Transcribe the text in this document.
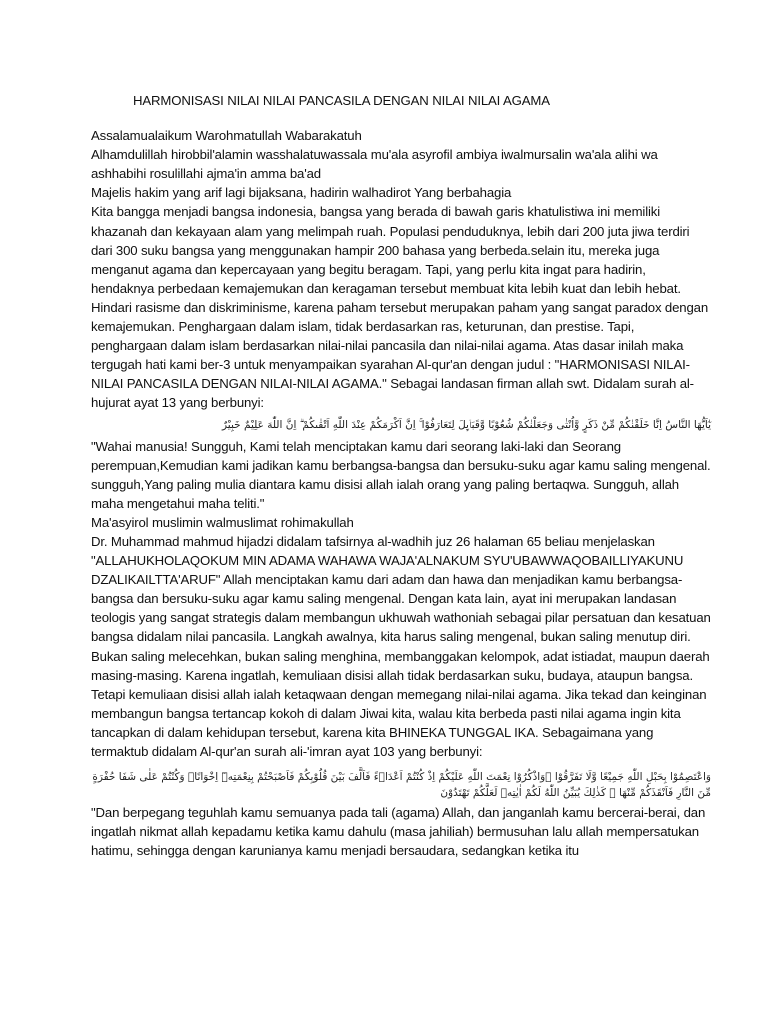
HARMONISASI NILAI NILAI PANCASILA DENGAN NILAI NILAI AGAMA

Assalamualaikum Warohmatullah Wabarakatuh

Alhamdulillah hirobbil'alamin wasshalatuwassala mu'ala asyrofil ambiya iwalmursalin wa'ala alihi wa ashhabihi rosulillahi ajma'in amma ba'ad

Majelis hakim yang arif lagi bijaksana, hadirin walhadirot Yang berbahagia

Kita bangga menjadi bangsa indonesia, bangsa yang berada di bawah garis khatulistiwa ini memiliki khazanah dan kekayaan alam yang melimpah ruah. Populasi penduduknya, lebih dari 200 juta jiwa terdiri dari 300 suku bangsa yang menggunakan hampir 200 bahasa yang berbeda.selain itu, mereka juga menganut agama dan kepercayaan yang begitu beragam. Tapi, yang perlu kita ingat para hadirin, hendaknya perbedaan kemajemukan dan keragaman tersebut membuat kita lebih kuat dan lebih hebat. Hindari rasisme dan diskriminisme, karena paham tersebut merupakan paham yang sangat paradox dengan kemajemukan. Penghargaan dalam islam, tidak berdasarkan ras, keturunan, dan prestise. Tapi, penghargaan dalam islam berdasarkan nilai-nilai pancasila dan nilai-nilai agama. Atas dasar inilah maka tergugah hati kami ber-3 untuk menyampaikan syarahan Al-qur'an dengan judul : "HARMONISASI NILAI-NILAI PANCASILA DENGAN NILAI-NILAI AGAMA." Sebagai landasan firman allah swt. Didalam surah al-hujurat ayat 13 yang berbunyi:

يٰٓاَيُّهَا النَّاسُ اِنَّا خَلَقْنٰكُمْ مِّنْ ذَكَرٍ وَّاُنْثٰى وَجَعَلْنٰكُمْ شُعُوْبًا وَّقَبَاۤىِٕلَ لِتَعَارَفُوْا ۚ اِنَّ اَكْرَمَكُمْ عِنْدَ اللّٰهِ اَتْقٰىكُمْ ۗ اِنَّ اللّٰهَ عَلِيْمٌ خَبِيْرٌ

"Wahai manusia! Sungguh, Kami telah menciptakan kamu dari seorang laki-laki dan Seorang perempuan,Kemudian kami jadikan kamu berbangsa-bangsa dan bersuku-suku agar kamu saling mengenal. sungguh,Yang paling mulia diantara kamu disisi allah ialah orang yang paling bertaqwa. Sungguh, allah maha mengetahui maha teliti."

Ma'asyirol muslimin walmuslimat rohimakullah

Dr. Muhammad mahmud hijadzi didalam tafsirnya al-wadhih juz 26 halaman 65 beliau menjelaskan "ALLAHUKHOLAQOKUM MIN ADAMA WAHAWA WAJA'ALNAKUM SYU'UBAWWAQOBAILLIYAKUNU DZALIKAILTTA'ARUF" Allah menciptakan kamu dari adam dan hawa dan menjadikan kamu berbangsa-bangsa dan bersuku-suku agar kamu saling mengenal. Dengan kata lain, ayat ini merupakan landasan teologis yang sangat strategis dalam membangun ukhuwah wathoniah sebagai pilar persatuan dan kesatuan bangsa didalam nilai pancasila. Langkah awalnya, kita harus saling mengenal, bukan saling menutup diri. Bukan saling melecehkan, bukan saling menghina, membanggakan kelompok, adat istiadat, maupun daerah masing-masing. Karena ingatlah, kemuliaan disisi allah tidak berdasarkan suku, budaya, ataupun bangsa. Tetapi kemuliaan disisi allah ialah ketaqwaan dengan memegang nilai-nilai agama. Jika tekad dan keinginan membangun bangsa tertancap kokoh di dalam Jiwai kita, walau kita berbeda pasti nilai agama ingin kita tancapkan di dalam kehidupan tersebut, karena kita BHINEKA TUNGGAL IKA. Sebagaimana yang termaktub didalam Al-qur'an surah ali-'imran ayat 103 yang berbunyi:

وَاعْتَصِمُوْا بِحَبْلِ اللّٰهِ جَمِيْعًا وَّلَا تَفَرَّقُوْا ۖوَاذْكُرُوْا نِعْمَتَ اللّٰهِ عَلَيْكُمْ اِذْ كُنْتُمْ اَعْدَاۤءً فَاَلَّفَ بَيْنَ قُلُوْبِكُمْ فَاَصْبَحْتُمْ بِنِعْمَتِهٖٓ اِخْوَانًاۚ وَكُنْتُمْ عَلٰى شَفَا حُفْرَةٍ مِّنَ النَّارِ فَاَنْقَذَكُمْ مِّنْهَا ۗ كَذٰلِكَ يُبَيِّنُ اللّٰهُ لَكُمْ اٰيٰتِهٖ لَعَلَّكُمْ تَهْتَدُوْنَ

"Dan berpegang teguhlah kamu semuanya pada tali (agama) Allah, dan janganlah kamu bercerai-berai, dan ingatlah nikmat allah kepadamu ketika kamu dahulu (masa jahiliah) bermusuhan lalu allah mempersatukan hatimu, sehingga dengan karunianya kamu menjadi bersaudara, sedangkan ketika itu
